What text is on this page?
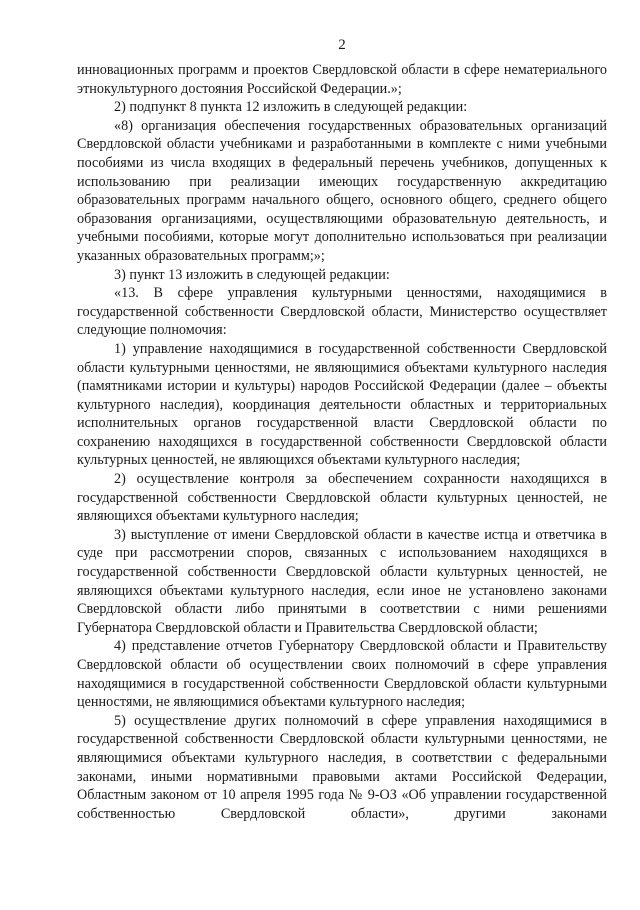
2

инновационных программ и проектов Свердловской области в сфере нематериального этнокультурного достояния Российской Федерации.»;

2) подпункт 8 пункта 12 изложить в следующей редакции:

«8) организация обеспечения государственных образовательных организаций Свердловской области учебниками и разработанными в комплекте с ними учебными пособиями из числа входящих в федеральный перечень учебников, допущенных к использованию при реализации имеющих государственную аккредитацию образовательных программ начального общего, основного общего, среднего общего образования организациями, осуществляющими образовательную деятельность, и учебными пособиями, которые могут дополнительно использоваться при реализации указанных образовательных программ;»;

3) пункт 13 изложить в следующей редакции:

«13. В сфере управления культурными ценностями, находящимися в государственной собственности Свердловской области, Министерство осуществляет следующие полномочия:

1) управление находящимися в государственной собственности Свердловской области культурными ценностями, не являющимися объектами культурного наследия (памятниками истории и культуры) народов Российской Федерации (далее – объекты культурного наследия), координация деятельности областных и территориальных исполнительных органов государственной власти Свердловской области по сохранению находящихся в государственной собственности Свердловской области культурных ценностей, не являющихся объектами культурного наследия;

2) осуществление контроля за обеспечением сохранности находящихся в государственной собственности Свердловской области культурных ценностей, не являющихся объектами культурного наследия;

3) выступление от имени Свердловской области в качестве истца и ответчика в суде при рассмотрении споров, связанных с использованием находящихся в государственной собственности Свердловской области культурных ценностей, не являющихся объектами культурного наследия, если иное не установлено законами Свердловской области либо принятыми в соответствии с ними решениями Губернатора Свердловской области и Правительства Свердловской области;

4) представление отчетов Губернатору Свердловской области и Правительству Свердловской области об осуществлении своих полномочий в сфере управления находящимися в государственной собственности Свердловской области культурными ценностями, не являющимися объектами культурного наследия;

5) осуществление других полномочий в сфере управления находящимися в государственной собственности Свердловской области культурными ценностями, не являющимися объектами культурного наследия, в соответствии с федеральными законами, иными нормативными правовыми актами Российской Федерации, Областным законом от 10 апреля 1995 года № 9-ОЗ «Об управлении государственной собственностью Свердловской области», другими законами
